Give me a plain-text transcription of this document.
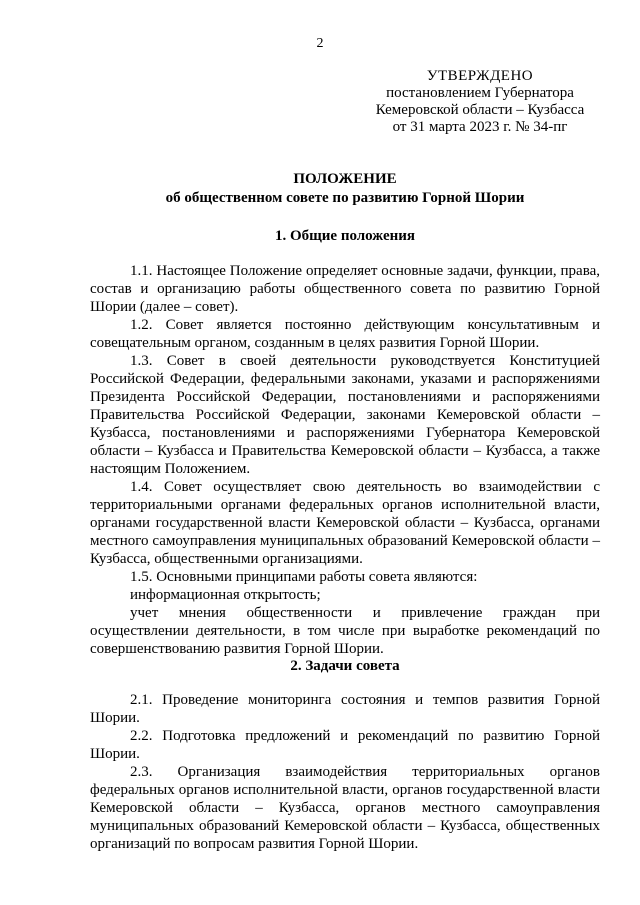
2
УТВЕРЖДЕНО
постановлением Губернатора
Кемеровской области – Кузбасса
от 31 марта 2023 г. № 34-пг
ПОЛОЖЕНИЕ
об общественном совете по развитию Горной Шории
1. Общие положения

1.1. Настоящее Положение определяет основные задачи, функции, права, состав и организацию работы общественного совета по развитию Горной Шории (далее – совет).

1.2. Совет является постоянно действующим консультативным и совещательным органом, созданным в целях развития Горной Шории.

1.3. Совет в своей деятельности руководствуется Конституцией Российской Федерации, федеральными законами, указами и распоряжениями Президента Российской Федерации, постановлениями и распоряжениями Правительства Российской Федерации, законами Кемеровской области – Кузбасса, постановлениями и распоряжениями Губернатора Кемеровской области – Кузбасса и Правительства Кемеровской области – Кузбасса, а также настоящим Положением.

1.4. Совет осуществляет свою деятельность во взаимодействии с территориальными органами федеральных органов исполнительной власти, органами государственной власти Кемеровской области – Кузбасса, органами местного самоуправления муниципальных образований Кемеровской области – Кузбасса, общественными организациями.

1.5. Основными принципами работы совета являются:

информационная открытость;

учет мнения общественности и привлечение граждан при осуществлении деятельности, в том числе при выработке рекомендаций по совершенствованию развития Горной Шории.

2. Задачи совета

2.1. Проведение мониторинга состояния и темпов развития Горной Шории.

2.2. Подготовка предложений и рекомендаций по развитию Горной Шории.

2.3. Организация взаимодействия территориальных органов федеральных органов исполнительной власти, органов государственной власти Кемеровской области – Кузбасса, органов местного самоуправления муниципальных образований Кемеровской области – Кузбасса, общественных организаций по вопросам развития Горной Шории.
